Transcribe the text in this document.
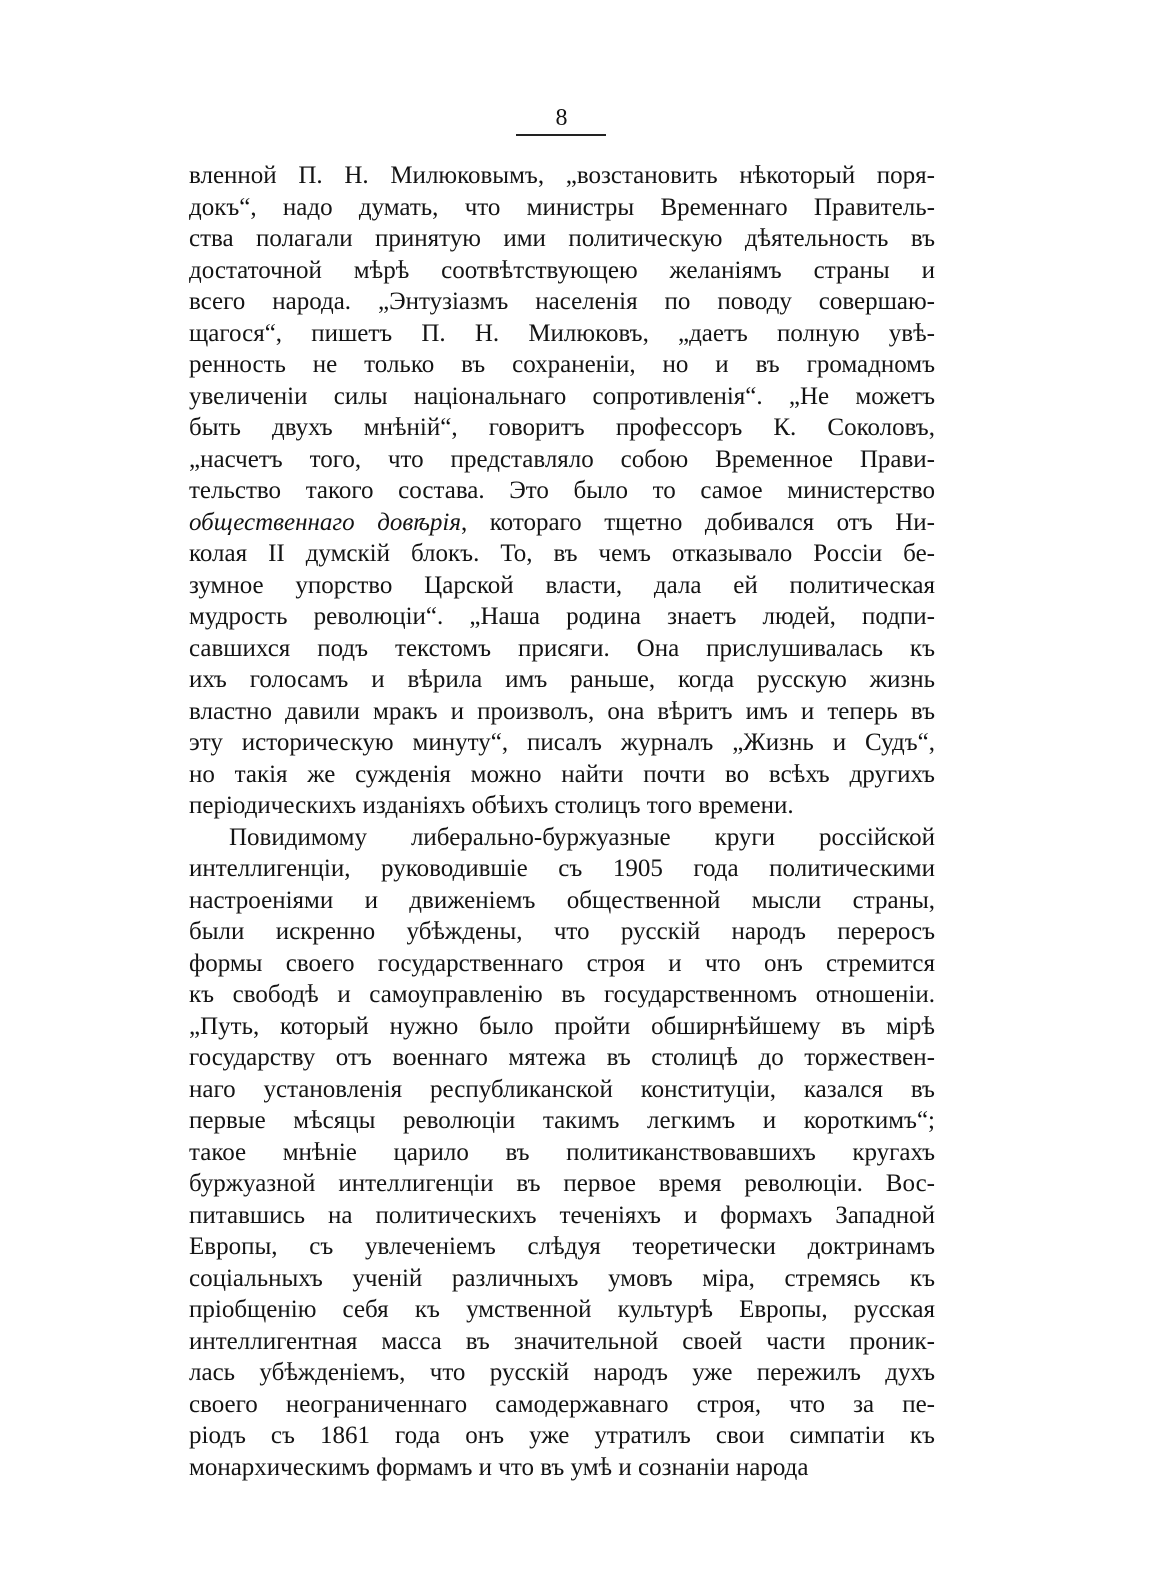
8
вленной П. Н. Милюковымъ, „возстановить нѣкоторый поря-
докъ“, надо думать, что министры Временнаго Правитель-
ства полагали принятую ими политическую дѣятельность въ
достаточной мѣрѣ соотвѣтствующею желаніямъ страны и
всего народа. „Энтузіазмъ населенія по поводу совершаю-
щагося“, пишетъ П. Н. Милюковъ, „даетъ полную увѣ-
ренность не только въ сохраненіи, но и въ громадномъ
увеличеніи силы національнаго сопротивленія“. „Не можетъ
быть двухъ мнѣній“, говоритъ профессоръ К. Соколовъ,
„насчетъ того, что представляло собою Временное Прави-
тельство такого состава. Это было то самое министерство
общественнаго довѣрія, котораго тщетно добивался отъ Ни-
колая II думскій блокъ. То, въ чемъ отказывало Россіи бе-
зумное упорство Царской власти, дала ей политическая
мудрость революціи“. „Наша родина знаетъ людей, подпи-
савшихся подъ текстомъ присяги. Она прислушивалась къ
ихъ голосамъ и вѣрила имъ раньше, когда русскую жизнь
властно давили мракъ и произволъ, она вѣритъ имъ и теперь въ
эту историческую минуту“, писалъ журналъ „Жизнь и Судъ“,
но такія же сужденія можно найти почти во всѣхъ другихъ
періодическихъ изданіяхъ обѣихъ столицъ того времени.
Повидимому либерально-буржуазные круги россійской
интеллигенціи, руководившіе съ 1905 года политическими
настроеніями и движеніемъ общественной мысли страны,
были искренно убѣждены, что русскій народъ переросъ
формы своего государственнаго строя и что онъ стремится
къ свободѣ и самоуправленію въ государственномъ отношеніи.
„Путь, который нужно было пройти обширнѣйшему въ мірѣ
государству отъ военнаго мятежа въ столицѣ до торжествен-
наго установленія республиканской конституціи, казался въ
первые мѣсяцы революціи такимъ легкимъ и короткимъ“;
такое мнѣніе царило въ политиканствовавшихъ кругахъ
буржуазной интеллигенціи въ первое время революціи. Вос-
питавшись на политическихъ теченіяхъ и формахъ Западной
Европы, съ увлеченіемъ слѣдуя теоретически доктринамъ
соціальныхъ ученій различныхъ умовъ міра, стремясь къ
пріобщенію себя къ умственной культурѣ Европы, русская
интеллигентная масса въ значительной своей части проник-
лась убѣжденіемъ, что русскій народъ уже пережилъ духъ
своего неограниченнаго самодержавнаго строя, что за пе-
ріодъ съ 1861 года онъ уже утратилъ свои симпатіи къ
монархическимъ формамъ и что въ умѣ и сознаніи народа
